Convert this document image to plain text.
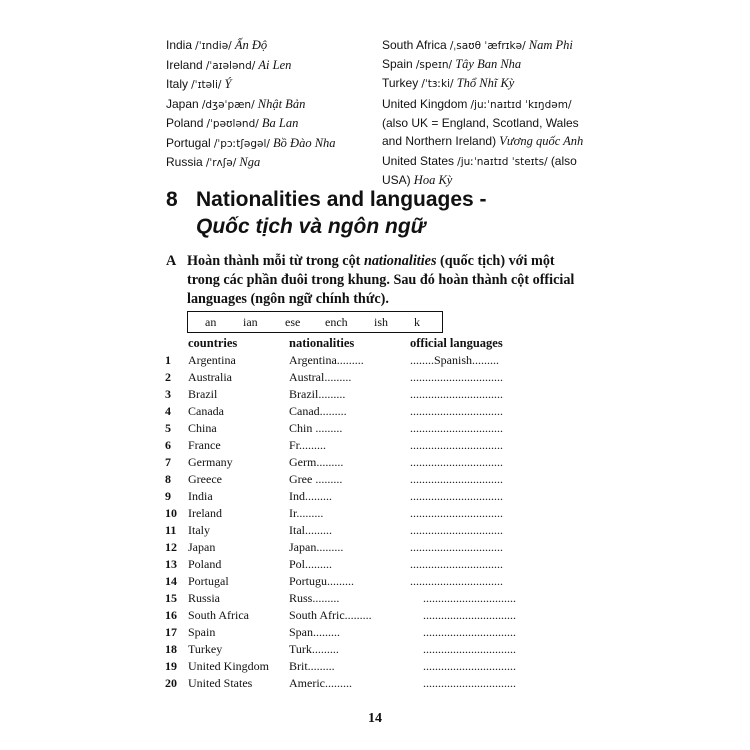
India /ˈɪndiə/ Ấn Độ
Ireland /ˈaɪələnd/ Ai Len
Italy /ˈɪtəli/ Ý
Japan /dʒəˈpæn/ Nhật Bản
Poland /ˈpəʊlənd/ Ba Lan
Portugal /ˈpɔːtʃəgəl/ Bồ Đào Nha
Russia /ˈrʌʃə/ Nga
South Africa /ˌsaʊθ ˈæfrɪkə/ Nam Phi
Spain /speɪn/ Tây Ban Nha
Turkey /ˈtɜːki/ Thổ Nhĩ Kỳ
United Kingdom /juːˈnaɪtɪd ˈkɪŋdəm/ (also UK = England, Scotland, Wales and Northern Ireland) Vương quốc Anh
United States /juːˈnaɪtɪd ˈsteɪts/ (also USA) Hoa Kỳ
8 Nationalities and languages -
Quốc tịch và ngôn ngữ
A Hoàn thành mỗi từ trong cột nationalities (quốc tịch) với một trong các phần đuôi trong khung. Sau đó hoàn thành cột official languages (ngôn ngữ chính thức).
an ian ese ench ish k
countries	nationalities	official languages
1	Argentina	Argentina.........	........Spanish.........
2	Australia	Austral.........	...............................
3	Brazil	Brazil.........	...............................
4	Canada	Canad.........	...............................
5	China	Chin .........	...............................
6	France	Fr.........	...............................
7	Germany	Germ.........	...............................
8	Greece	Gree .........	...............................
9	India	Ind.........	...............................
10 Ireland	Ir.........	...............................
11 Italy	Ital.........	...............................
12 Japan	Japan.........	...............................
13 Poland	Pol.........	...............................
14 Portugal	Portugu.........	...............................
15 Russia	Russ.........	...............................
16 South Africa	South Afric.........	...............................
17 Spain	Span.........	...............................
18 Turkey	Turk.........	...............................
19 United Kingdom Brit.........	...............................
20 United States	Americ.........	...............................
14
